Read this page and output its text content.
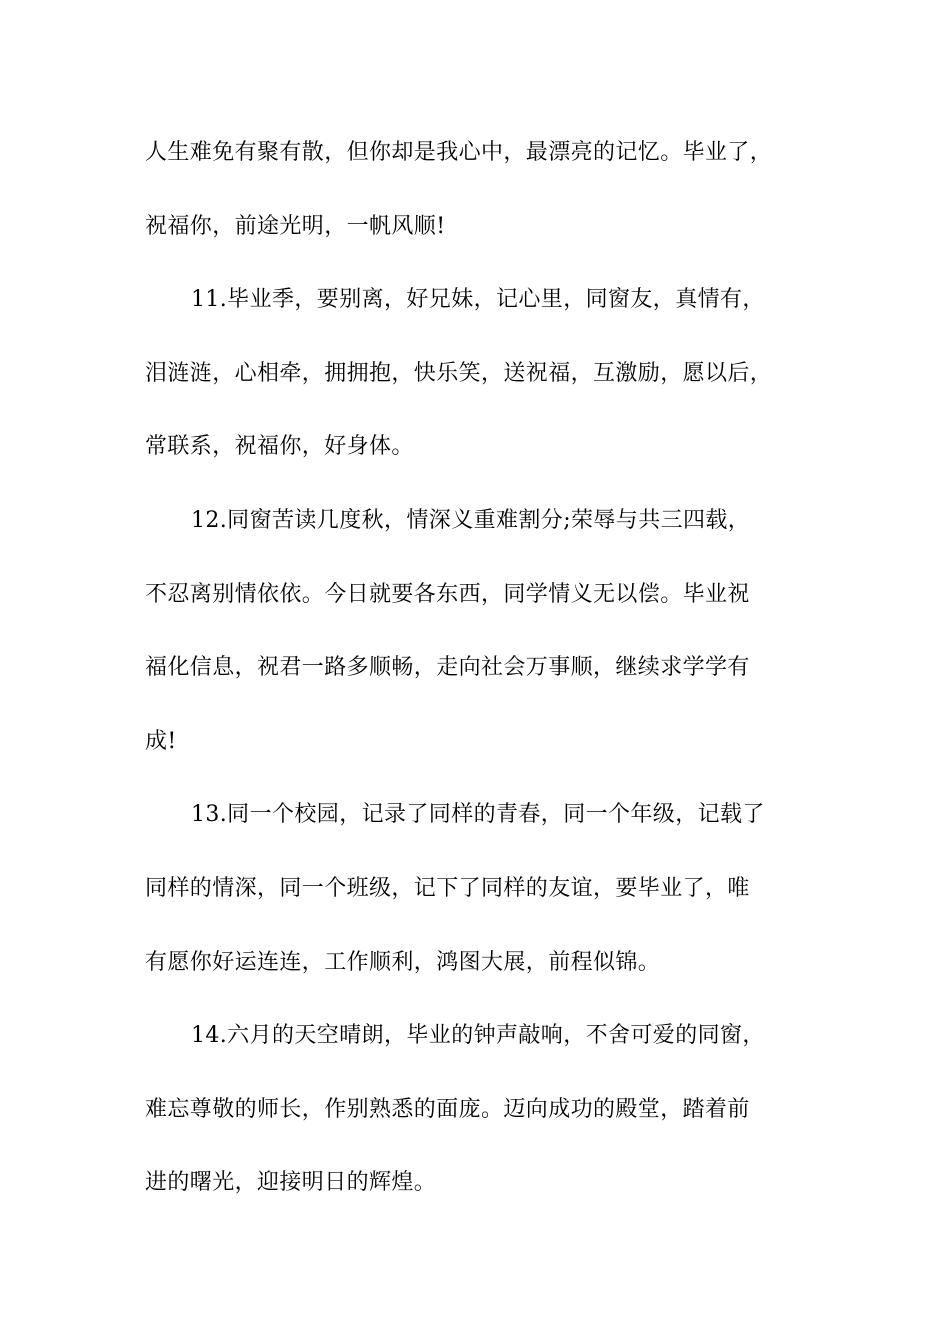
人生难免有聚有散，但你却是我心中，最漂亮的记忆。毕业了，
祝福你，前途光明，一帆风顺!
11.毕业季，要别离，好兄妹，记心里，同窗友，真情有，
泪涟涟，心相牵，拥拥抱，快乐笑，送祝福，互激励，愿以后，
常联系，祝福你，好身体。
12.同窗苦读几度秋，情深义重难割分;荣辱与共三四载，
不忍离别情依依。今日就要各东西，同学情义无以偿。毕业祝
福化信息，祝君一路多顺畅，走向社会万事顺，继续求学学有
成!
13.同一个校园，记录了同样的青春，同一个年级，记载了
同样的情深，同一个班级，记下了同样的友谊，要毕业了，唯
有愿你好运连连，工作顺利，鸿图大展，前程似锦。
14.六月的天空晴朗，毕业的钟声敲响，不舍可爱的同窗，
难忘尊敬的师长，作别熟悉的面庞。迈向成功的殿堂，踏着前
进的曙光，迎接明日的辉煌。
